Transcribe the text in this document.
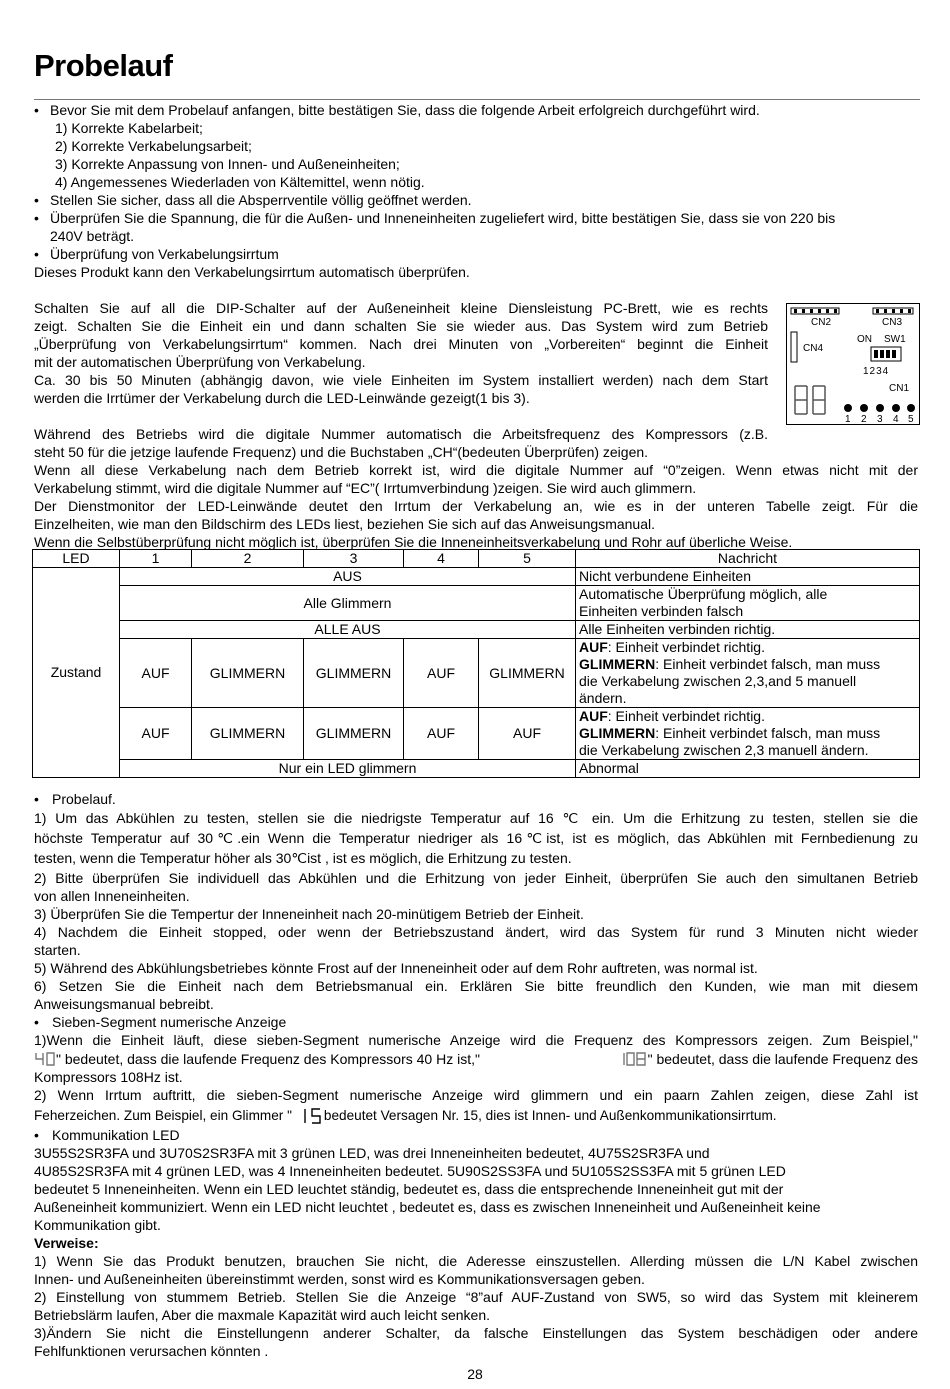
Probelauf
• Bevor Sie mit dem Probelauf anfangen, bitte bestätigen Sie, dass die folgende Arbeit erfolgreich durchgeführt wird.
1) Korrekte Kabelarbeit;
2) Korrekte Verkabelungsarbeit;
3) Korrekte Anpassung von Innen- und Außeneinheiten;
4) Angemessenes Wiederladen von Kältemittel, wenn nötig.
• Stellen Sie sicher, dass all die Absperrventile völlig geöffnet werden.
• Überprüfen Sie die Spannung, die für die Außen- und Inneneinheiten zugeliefert wird, bitte bestätigen Sie, dass sie von 220 bis
240V beträgt.
• Überprüfung von Verkabelungsirrtum
Dieses Produkt kann den Verkabelungsirrtum automatisch überprüfen.
Schalten Sie auf all die DIP-Schalter auf der Außeneinheit kleine Diensleistung PC-Brett, wie es rechts
zeigt. Schalten Sie die Einheit ein und dann schalten Sie sie wieder aus. Das System wird zum Betrieb
„Überprüfung von Verkabelungsirrtum“ kommen. Nach drei Minuten von „Vorbereiten“ beginnt die Einheit
mit der automatischen Überprüfung von Verkabelung.
Ca. 30 bis 50 Minuten (abhängig davon, wie viele Einheiten im System installiert werden) nach dem Start
werden die Irrtümer der Verkabelung durch die LED-Leinwände gezeigt(1 bis 3).
CN2	CN3
CN4
ON SW1
1234
CN1
1 2 3 4 5
Während des Betriebs wird die digitale Nummer automatisch die Arbeitsfrequenz des Kompressors (z.B.
steht 50 für die jetzige laufende Frequenz) und die Buchstaben „CH“(bedeuten Überprüfen) zeigen.
Wenn all diese Verkabelung nach dem Betrieb korrekt ist, wird die digitale Nummer auf “0”zeigen. Wenn etwas nicht mit der
Verkabelung stimmt, wird die digitale Nummer auf “EC”( Irrtumverbindung )zeigen. Sie wird auch glimmern.
Der Dienstmonitor der LED-Leinwände deutet den Irrtum der Verkabelung an, wie es in der unteren Tabelle zeigt. Für die
Einzelheiten, wie man den Bildschirm des LEDs liest, beziehen Sie sich auf das Anweisungsmanual.
Wenn die Selbstüberprüfung nicht möglich ist, überprüfen Sie die Inneneinheitsverkabelung und Rohr auf überliche Weise.
LED	1	2	3	4	5	Nachricht
Zustand	AUS					Nicht verbundene Einheiten
	Alle Glimmern					Automatische Überprüfung möglich, alle
Einheiten verbinden falsch
	ALLE AUS					Alle Einheiten verbinden richtig.
	AUF	GLIMMERN	GLIMMERN	AUF	GLIMMERN	AUF: Einheit verbindet richtig.
GLIMMERN: Einheit verbindet falsch, man muss
die Verkabelung zwischen 2,3,and 5 manuell
ändern.
	AUF	GLIMMERN	GLIMMERN	AUF	AUF	AUF: Einheit verbindet richtig.
GLIMMERN: Einheit verbindet falsch, man muss
die Verkabelung zwischen 2,3 manuell ändern.
	Nur ein LED glimmern					Abnormal
• Probelauf.
1) Um das Abkühlen zu testen, stellen sie die niedrigste Temperatur auf 16 ℃ ein. Um die Erhitzung zu testen, stellen sie die
höchste Temperatur auf 30℃.ein Wenn die Temperatur niedriger als 16℃ist, ist es möglich, das Abkühlen mit Fernbedienung zu
testen, wenn die Temperatur höher als 30℃ist , ist es möglich, die Erhitzung zu testen.
2) Bitte überprüfen Sie individuell das Abkühlen und die Erhitzung von jeder Einheit, überprüfen Sie auch den simultanen Betrieb
von allen Inneneinheiten.
3) Überprüfen Sie die Tempertur der Inneneinheit nach 20-minütigem Betrieb der Einheit.
4) Nachdem die Einheit stopped, oder wenn der Betriebszustand ändert, wird das System für rund 3 Minuten nicht wieder
starten.
5) Während des Abkühlungsbetriebes könnte Frost auf der Inneneinheit oder auf dem Rohr auftreten, was normal ist.
6) Setzen Sie die Einheit nach dem Betriebsmanual ein. Erklären Sie bitte freundlich den Kunden, wie man mit diesem
Anweisungsmanual bebreibt.
• Sieben-Segment numerische Anzeige
1)Wenn die Einheit läuft, diese sieben-Segment numerische Anzeige wird die Frequenz des Kompressors zeigen. Zum Beispiel,"
" bedeutet, dass die laufende Frequenz des Kompressors 40 Hz ist,"	" bedeutet, dass die laufende Frequenz des
Kompressors 108Hz ist.
2) Wenn Irrtum auftritt, die sieben-Segment numerische Anzeige wird glimmern und ein paarn Zahlen zeigen, diese Zahl ist
Feherzeichen. Zum Beispiel, ein Glimmer " bedeutet Versagen Nr. 15, dies ist Innen- und Außenkommunikationsirrtum.
• Kommunikation LED
3U55S2SR3FA und 3U70S2SR3FA mit 3 grünen LED, was drei Inneneinheiten bedeutet, 4U75S2SR3FA und
4U85S2SR3FA mit 4 grünen LED, was 4 Inneneinheiten bedeutet. 5U90S2SS3FA und 5U105S2SS3FA mit 5 grünen LED
bedeutet 5 Inneneinheiten. Wenn ein LED leuchtet ständig, bedeutet es, dass die entsprechende Inneneinheit gut mit der
Außeneinheit kommuniziert. Wenn ein LED nicht leuchtet , bedeutet es, dass es zwischen Inneneinheit und Außeneinheit keine
Kommunikation gibt.
Verweise:
1) Wenn Sie das Produkt benutzen, brauchen Sie nicht, die Aderesse einszustellen. Allerding müssen die L/N Kabel zwischen
Innen- und Außeneinheiten übereinstimmt werden, sonst wird es Kommunikationsversagen geben.
2) Einstellung von stummem Betrieb. Stellen Sie die Anzeige “8”auf AUF-Zustand von SW5, so wird das System mit kleinerem
Betriebslärm laufen, Aber die maxmale Kapazität wird auch leicht senken.
3)Ändern Sie nicht die Einstellungenn anderer Schalter, da falsche Einstellungen das System beschädigen oder andere
Fehlfunktionen verursachen könnten .
28
